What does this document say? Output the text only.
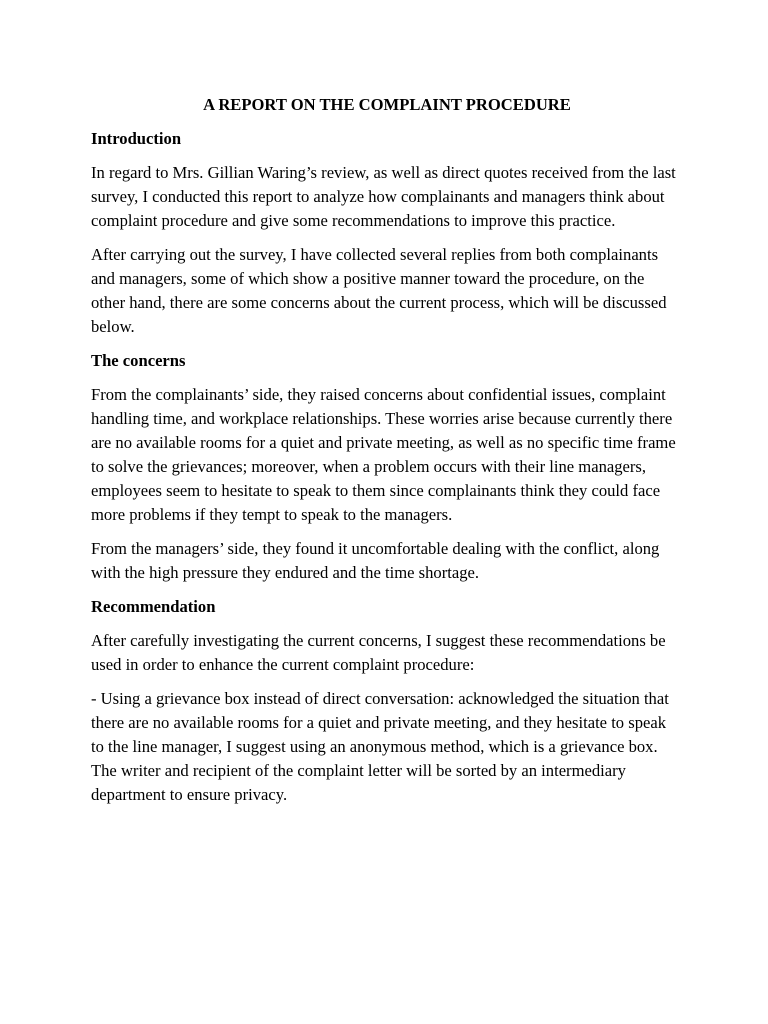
A REPORT ON THE COMPLAINT PROCEDURE
Introduction
In regard to Mrs. Gillian Waring’s review, as well as direct quotes received from the last survey, I conducted this report to analyze how complainants and managers think about complaint procedure and give some recommendations to improve this practice.
After carrying out the survey, I have collected several replies from both complainants and managers, some of which show a positive manner toward the procedure, on the other hand, there are some concerns about the current process, which will be discussed below.
The concerns
From the complainants’ side, they raised concerns about confidential issues, complaint handling time, and workplace relationships. These worries arise because currently there are no available rooms for a quiet and private meeting, as well as no specific time frame to solve the grievances; moreover, when a problem occurs with their line managers, employees seem to hesitate to speak to them since complainants think they could face more problems if they tempt to speak to the managers.
From the managers’ side, they found it uncomfortable dealing with the conflict, along with the high pressure they endured and the time shortage.
Recommendation
After carefully investigating the current concerns, I suggest these recommendations be used in order to enhance the current complaint procedure:
- Using a grievance box instead of direct conversation: acknowledged the situation that there are no available rooms for a quiet and private meeting, and they hesitate to speak to the line manager, I suggest using an anonymous method, which is a grievance box. The writer and recipient of the complaint letter will be sorted by an intermediary department to ensure privacy.
